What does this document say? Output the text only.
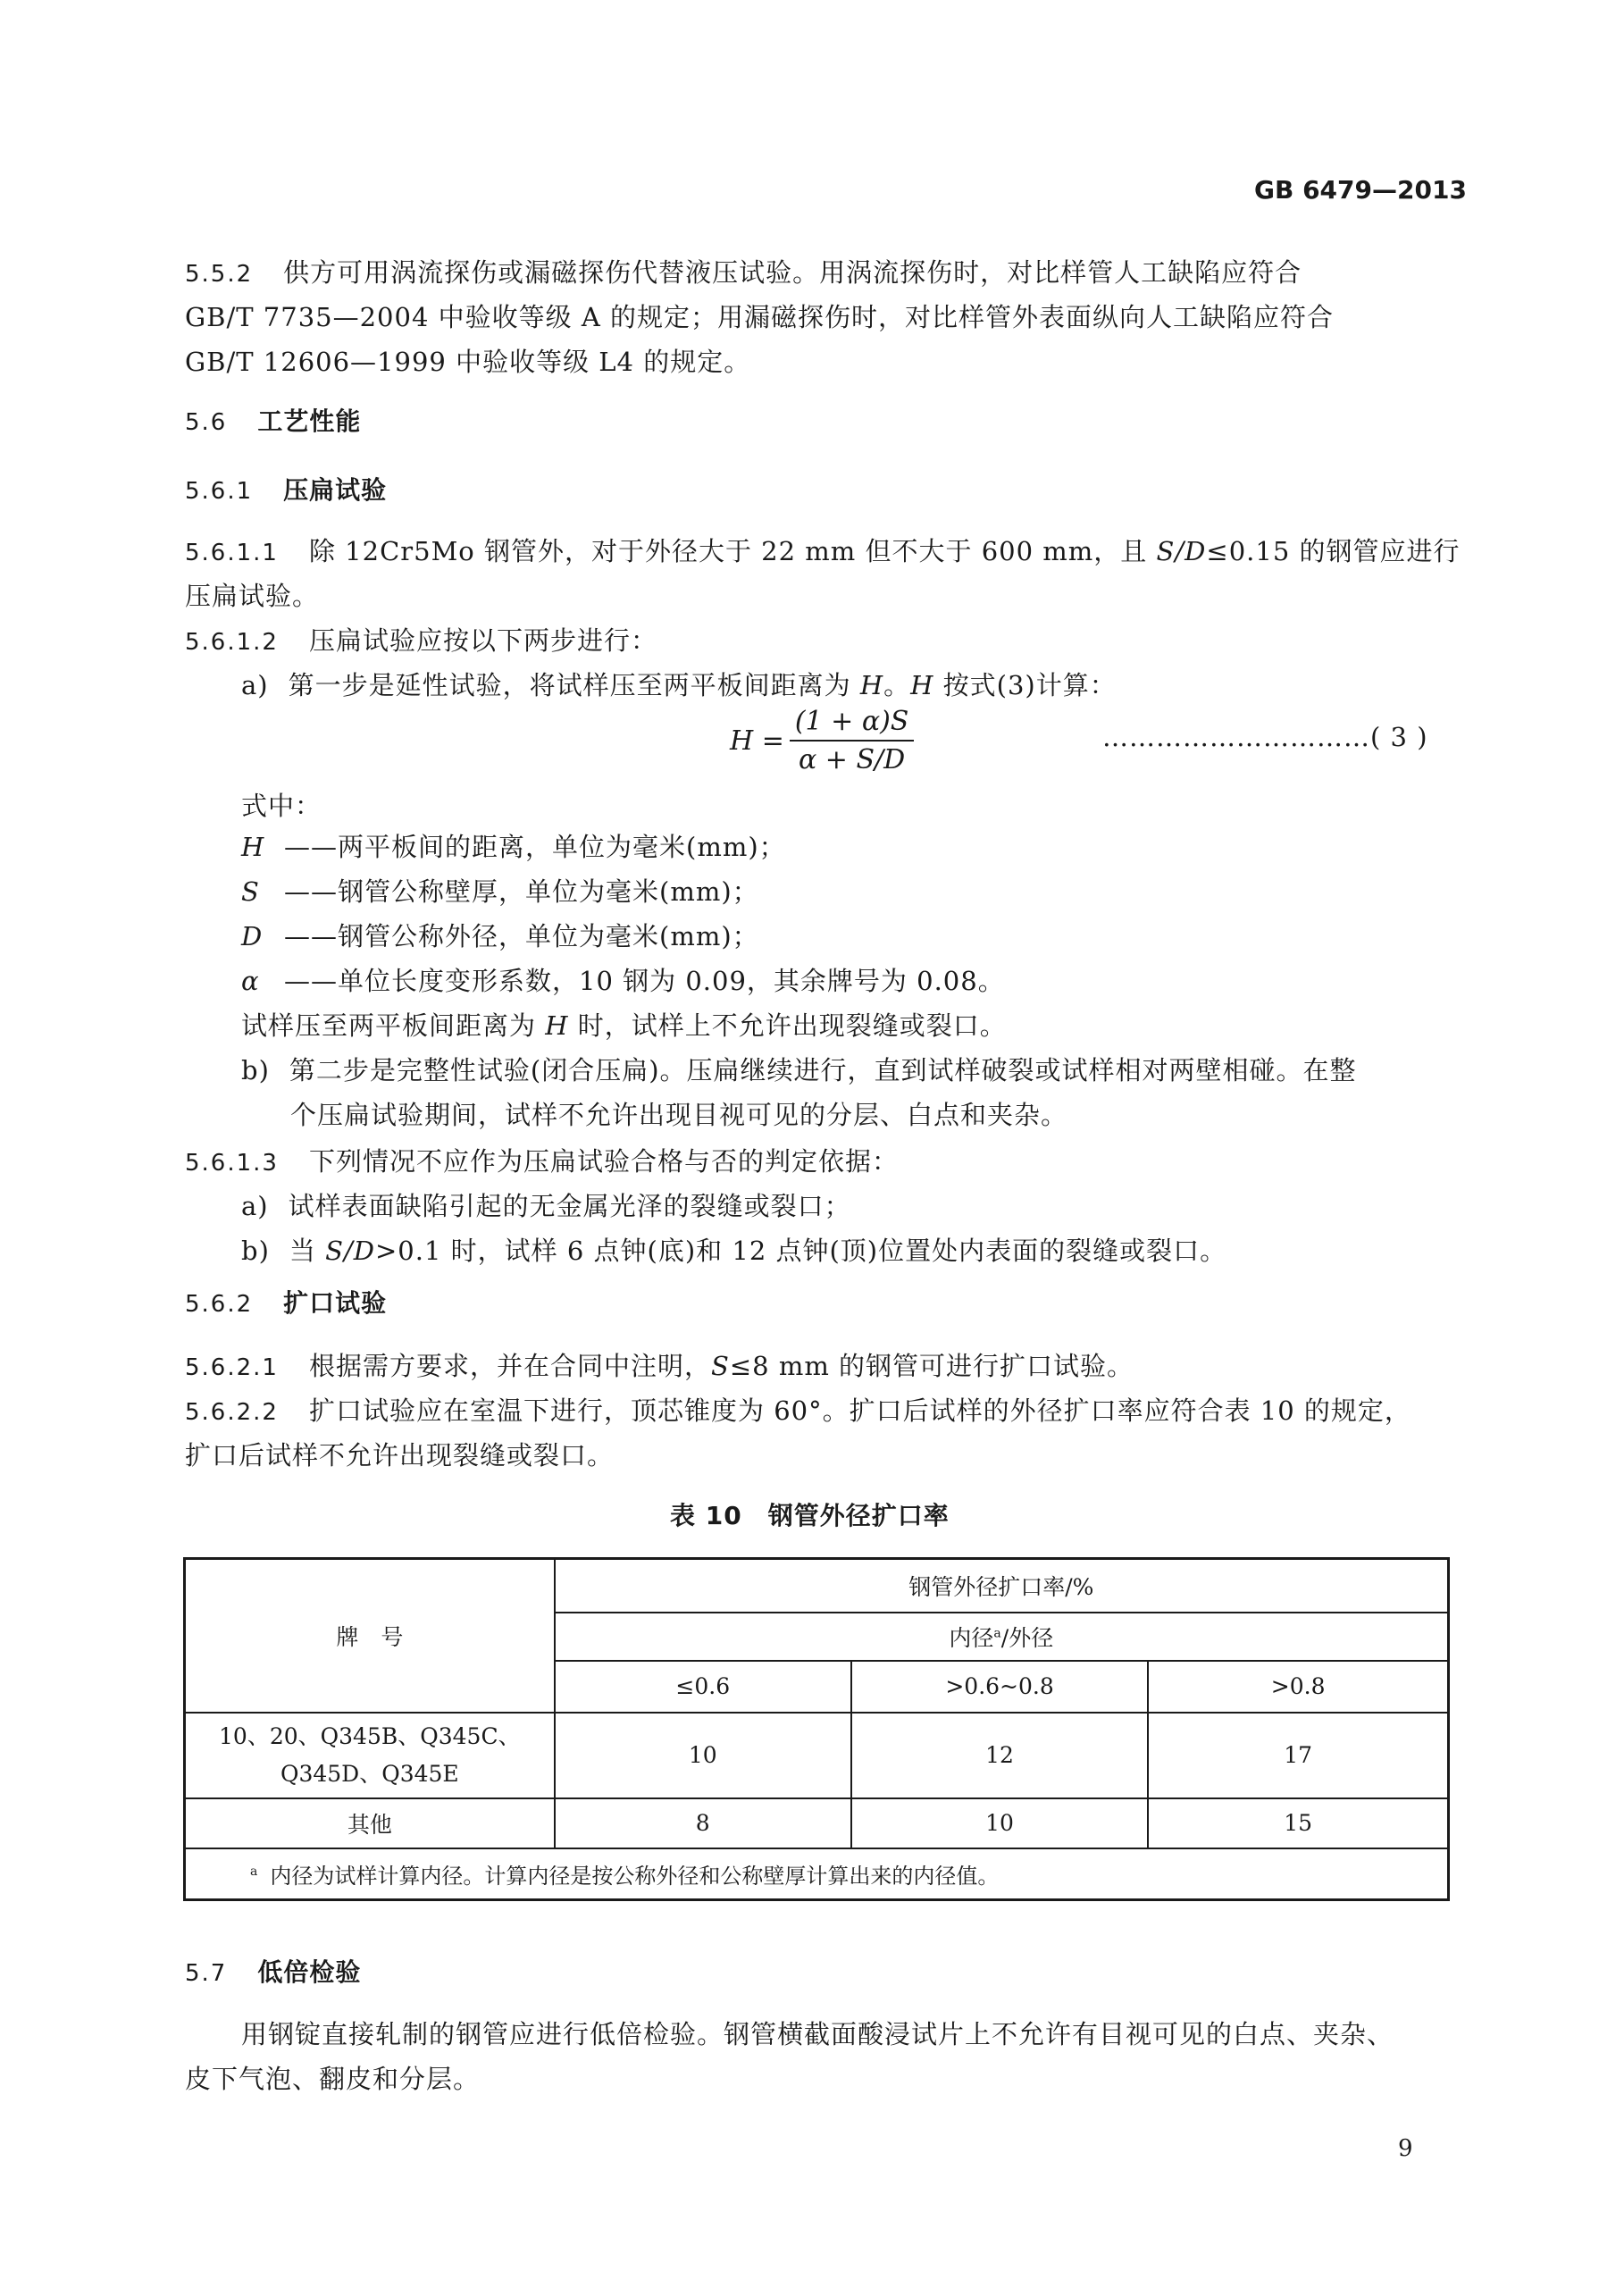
GB 6479—2013
5.5.2 供方可用涡流探伤或漏磁探伤代替液压试验。用涡流探伤时，对比样管人工缺陷应符合
GB/T 7735—2004 中验收等级 A 的规定；用漏磁探伤时，对比样管外表面纵向人工缺陷应符合
GB/T 12606—1999 中验收等级 L4 的规定。
5.6 工艺性能
5.6.1 压扁试验
5.6.1.1 除 12Cr5Mo 钢管外，对于外径大于 22 mm 但不大于 600 mm，且 S/D≤0.15 的钢管应进行
压扁试验。
5.6.1.2 压扁试验应按以下两步进行：
a) 第一步是延性试验，将试样压至两平板间距离为 H。H 按式(3)计算：
$H = \frac{(1 + \alpha)S}{\alpha + S/D}$	…………………………( 3 )
式中：
H ——两平板间的距离，单位为毫米(mm)；
S ——钢管公称壁厚，单位为毫米(mm)；
D ——钢管公称外径，单位为毫米(mm)；
α ——单位长度变形系数，10 钢为 0.09，其余牌号为 0.08。
试样压至两平板间距离为 H 时，试样上不允许出现裂缝或裂口。
b) 第二步是完整性试验(闭合压扁)。压扁继续进行，直到试样破裂或试样相对两壁相碰。在整
个压扁试验期间，试样不允许出现目视可见的分层、白点和夹杂。
5.6.1.3 下列情况不应作为压扁试验合格与否的判定依据：
a) 试样表面缺陷引起的无金属光泽的裂缝或裂口；
b) 当 S/D>0.1 时，试样 6 点钟(底)和 12 点钟(顶)位置处内表面的裂缝或裂口。
5.6.2 扩口试验
5.6.2.1 根据需方要求，并在合同中注明，S≤8 mm 的钢管可进行扩口试验。
5.6.2.2 扩口试验应在室温下进行，顶芯锥度为 60°。扩口后试样的外径扩口率应符合表 10 的规定，
扩口后试样不允许出现裂缝或裂口。
表 10　钢管外径扩口率
牌　号	钢管外径扩口率/%		
	内径$^a$/外径		
	≤0.6	>0.6~0.8	>0.8
10、20、Q345B、Q345C、
Q345D、Q345E	10	12	17
其他	8	10	15
$^a$ 内径为试样计算内径。计算内径是按公称外径和公称壁厚计算出来的内径值。			
5.7 低倍检验
用钢锭直接轧制的钢管应进行低倍检验。钢管横截面酸浸试片上不允许有目视可见的白点、夹杂、
皮下气泡、翻皮和分层。
9
